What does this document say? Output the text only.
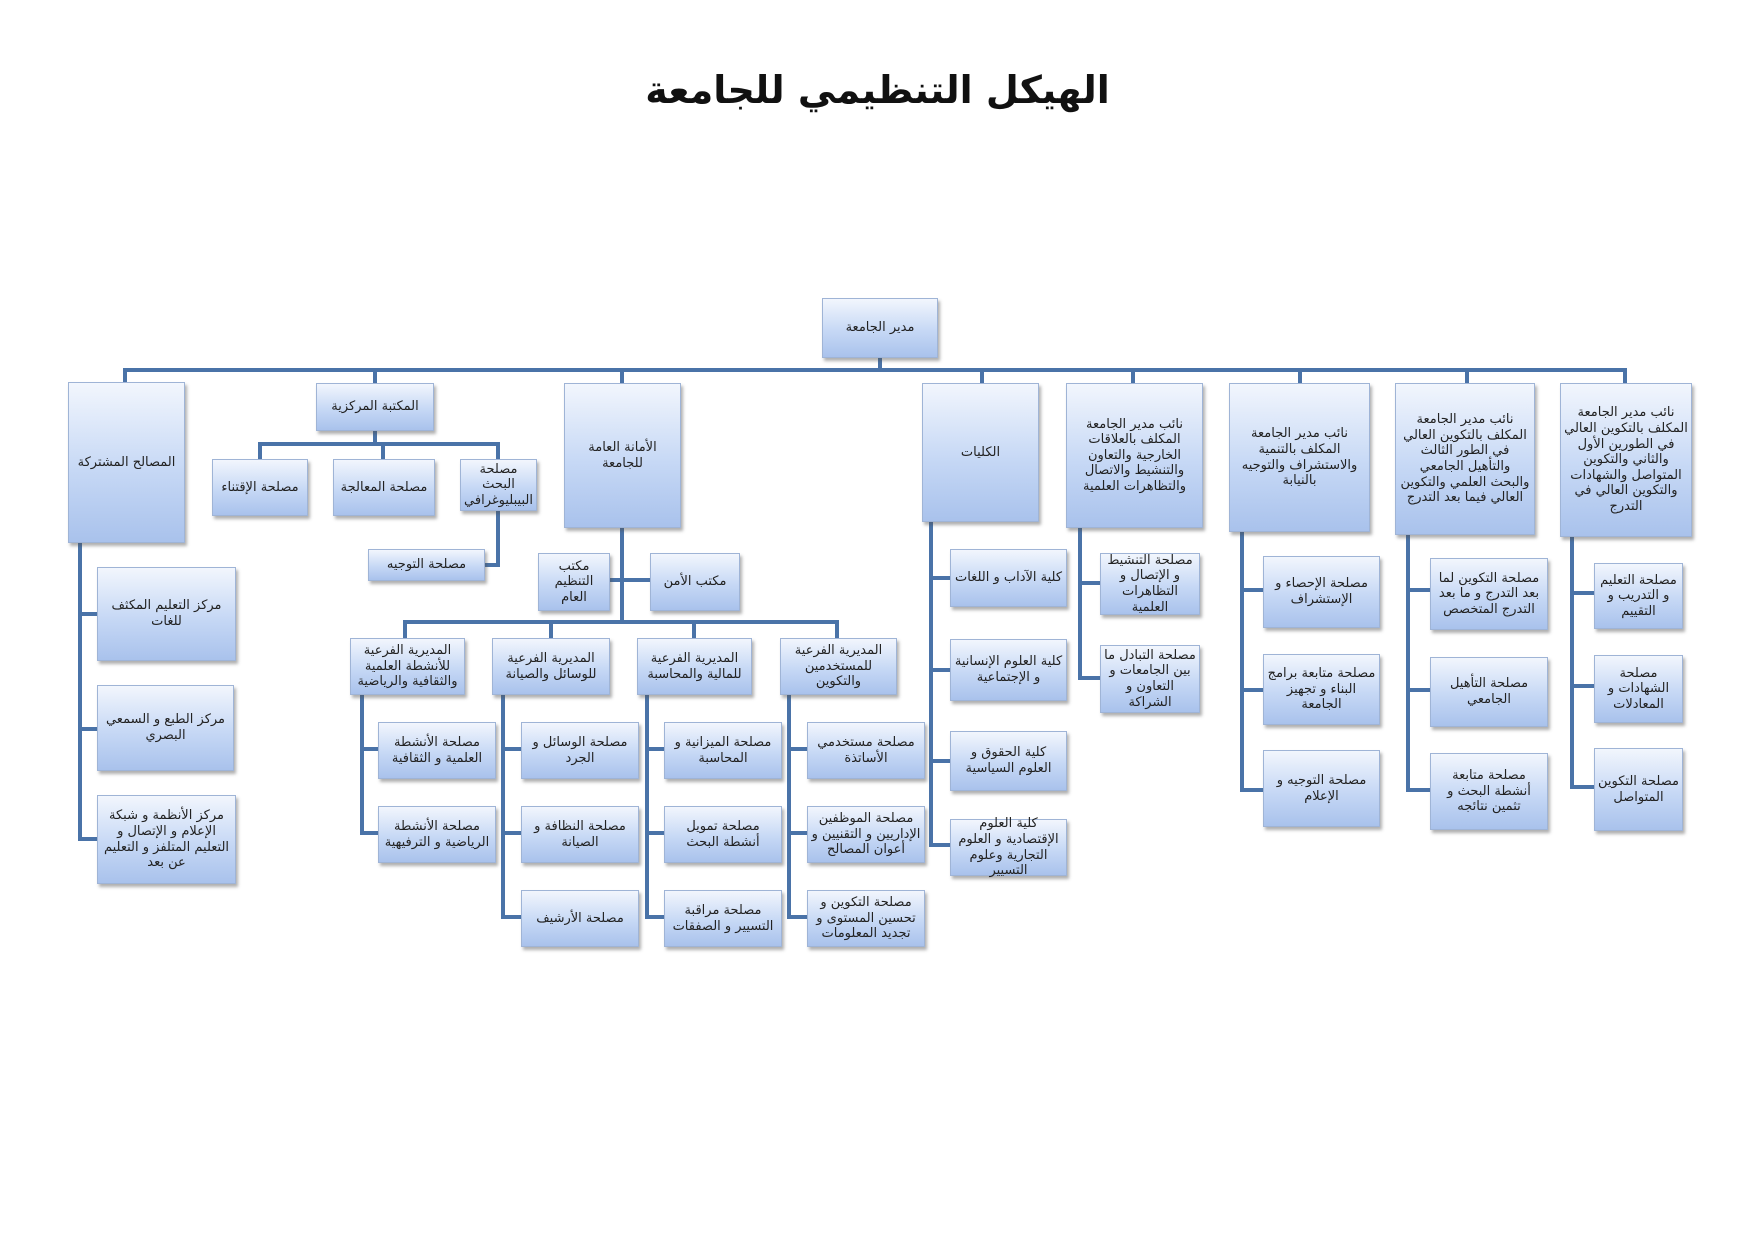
الهيكل التنظيمي للجامعة
مدير الجامعة
المصالح المشتركة
مركز التعليم المكثف للغات
مركز الطبع و السمعي البصري
مركز الأنظمة و شبكة الإعلام و الإتصال و التعليم المتلفز و التعليم عن بعد
المكتبة المركزية
مصلحة الإقتناء	مصلحة المعالجة
مصلحة البحث البيبليوغرافي
مصلحة التوجيه
الأمانة العامة للجامعة
مكتب التنظيم العام
مكتب الأمن
المديرية الفرعية للأنشطة العلمية والثقافية والرياضية
المديرية الفرعية للوسائل والصيانة
المديرية الفرعية للمالية والمحاسبة
المديرية الفرعية للمستخدمين والتكوين
مصلحة الأنشطة العلمية و الثقافية
مصلحة الأنشطة الرياضية و الترفيهية
مصلحة الوسائل و الجرد
مصلحة النظافة و الصيانة
مصلحة الأرشيف
مصلحة الميزانية و المحاسبة
مصلحة تمويل أنشطة البحث
مصلحة مراقبة التسيير و الصفقات
مصلحة مستخدمي الأساتذة
مصلحة الموظفين الإداريين و التقنيين و أعوان المصالح
مصلحة التكوين و تحسين المستوى و تجديد المعلومات
الكليات
كلية الآداب و اللغات
كلية العلوم الإنسانية و الإجتماعية
كلية الحقوق و العلوم السياسية
كلية العلوم الإقتصادية و العلوم التجارية وعلوم التسيير
نائب مدير الجامعة المكلف بالعلاقات الخارجية والتعاون والتنشيط والاتصال والتظاهرات العلمية
مصلحة التنشيط و الإتصال و التظاهرات العلمية
مصلحة التبادل ما بين الجامعات و التعاون و الشراكة
نائب مدير الجامعة المكلف بالتنمية والاستشراف والتوجيه بالنيابة
مصلحة الإحصاء و الإستشراف
مصلحة متابعة برامج البناء و تجهيز الجامعة
مصلحة التوجيه و الإعلام
نائب مدير الجامعة المكلف بالتكوين العالي في الطور الثالث والتأهيل الجامعي والبحث العلمي والتكوين العالي فيما بعد التدرج
مصلحة التكوين لما بعد التدرج و ما بعد التدرج المتخصص
مصلحة التأهيل الجامعي
مصلحة متابعة أنشطة البحث و تثمين نتائجه
نائب مدير الجامعة المكلف بالتكوين العالي في الطورين الأول والثاني والتكوين المتواصل والشهادات والتكوين العالي في التدرج
مصلحة التعليم و التدريب و التقييم
مصلحة الشهادات و المعادلات
مصلحة التكوين المتواصل
